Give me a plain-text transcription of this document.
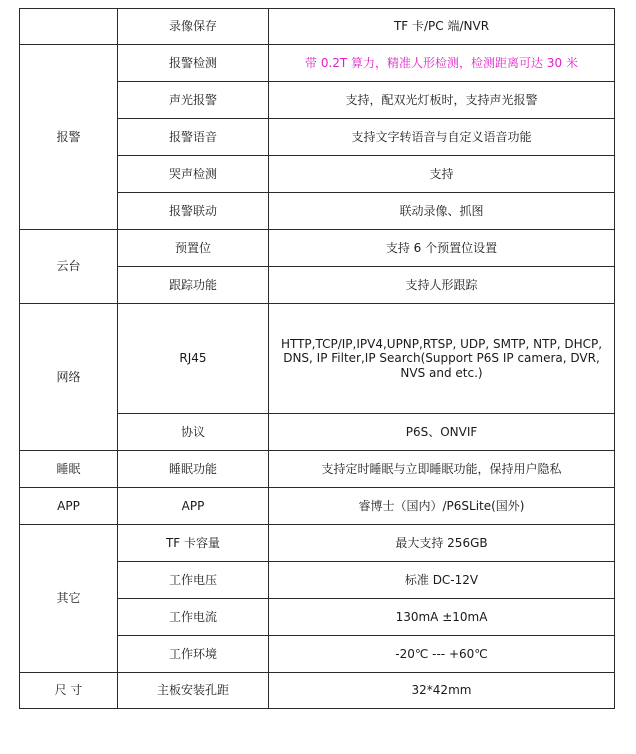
	录像保存	TF 卡/PC 端/NVR
报警	报警检测	带 0.2T 算力，精准人形检测，检测距离可达 30 米
	声光报警	支持，配双光灯板时，支持声光报警
	报警语音	支持文字转语音与自定义语音功能
	哭声检测	支持
	报警联动	联动录像、抓图
云台	预置位	支持 6 个预置位设置
	跟踪功能	支持人形跟踪
网络	RJ45	HTTP,TCP/IP,IPV4,UPNP,RTSP, UDP, SMTP, NTP, DHCP, DNS, IP Filter,IP Search(Support P6S IP camera, DVR, NVS and etc.)
	协议	P6S、ONVIF
睡眠	睡眠功能	支持定时睡眠与立即睡眠功能，保持用户隐私
APP	APP	睿博士（国内）/P6SLite(国外)
其它	TF 卡容量	最大支持 256GB
	工作电压	标准 DC-12V
	工作电流	130mA ±10mA
	工作环境	-20℃ --- +60℃
尺 寸	主板安装孔距	32*42mm
